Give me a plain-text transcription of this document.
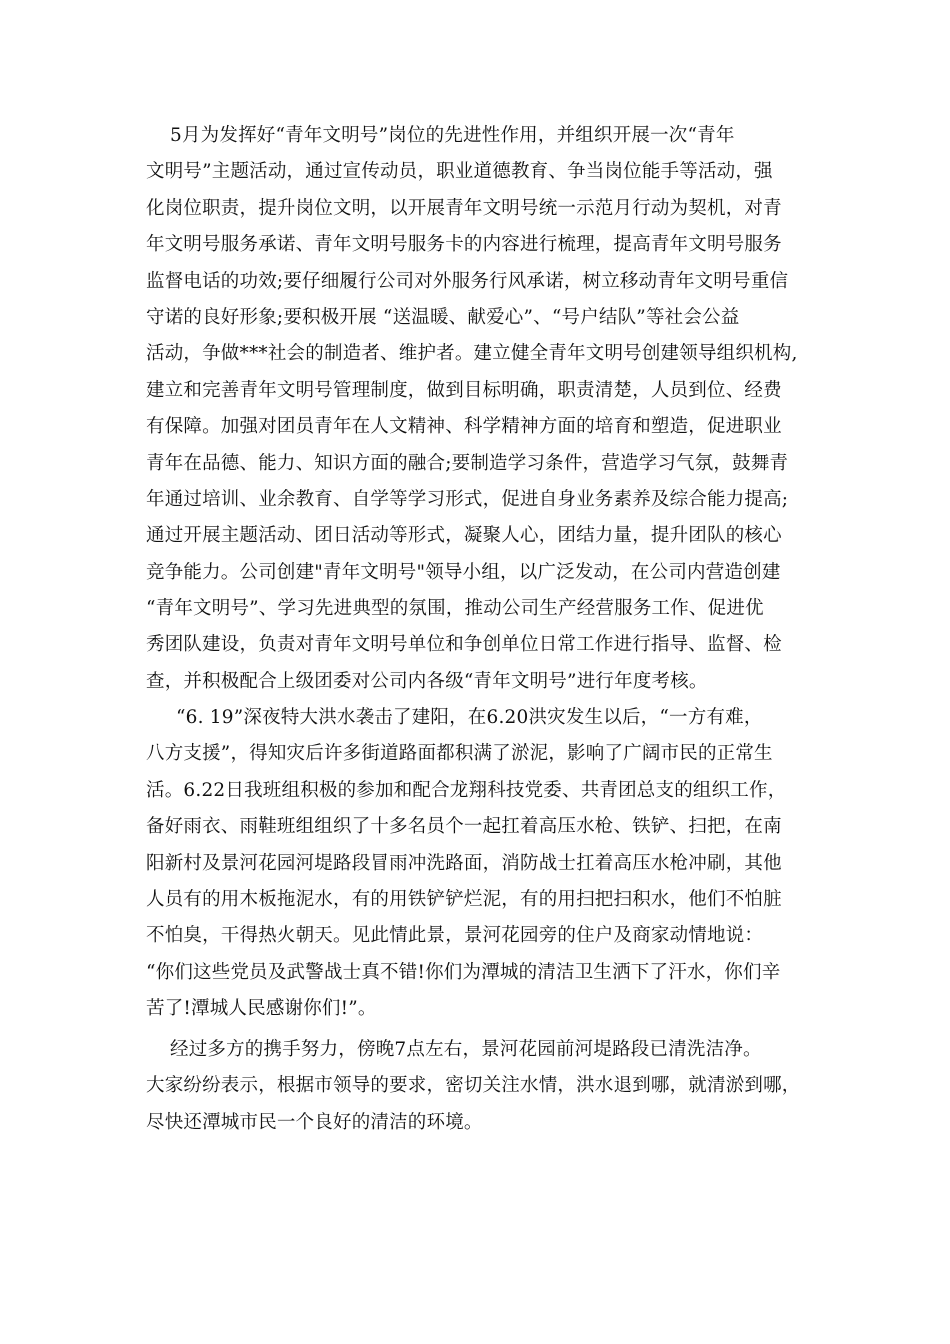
5月为发挥好“青年文明号”岗位的先进性作用，并组织开展一次“青年
文明号”主题活动，通过宣传动员，职业道德教育、争当岗位能手等活动，强
化岗位职责，提升岗位文明，以开展青年文明号统一示范月行动为契机，对青
年文明号服务承诺、青年文明号服务卡的内容进行梳理，提高青年文明号服务
监督电话的功效;要仔细履行公司对外服务行风承诺，树立移动青年文明号重信
守诺的良好形象;要积极开展 “送温暖、献爱心”、“号户结队”等社会公益
活动，争做***社会的制造者、维护者。建立健全青年文明号创建领导组织机构,
建立和完善青年文明号管理制度，做到目标明确，职责清楚，人员到位、经费
有保障。加强对团员青年在人文精神、科学精神方面的培育和塑造，促进职业
青年在品德、能力、知识方面的融合;要制造学习条件，营造学习气氛，鼓舞青
年通过培训、业余教育、自学等学习形式，促进自身业务素养及综合能力提高;
通过开展主题活动、团日活动等形式，凝聚人心，团结力量，提升团队的核心
竞争能力。公司创建"青年文明号"领导小组，以广泛发动，在公司内营造创建
“青年文明号”、学习先进典型的氛围，推动公司生产经营服务工作、促进优
秀团队建设，负责对青年文明号单位和争创单位日常工作进行指导、监督、检
查，并积极配合上级团委对公司内各级“青年文明号”进行年度考核。
“6. 19”深夜特大洪水袭击了建阳，在6.20洪灾发生以后，“一方有难，
八方支援”，得知灾后许多街道路面都积满了淤泥，影响了广阔市民的正常生
活。6.22日我班组积极的参加和配合龙翔科技党委、共青团总支的组织工作，
备好雨衣、雨鞋班组组织了十多名员个一起扛着高压水枪、铁铲、扫把，在南
阳新村及景河花园河堤路段冒雨冲洗路面，消防战士扛着高压水枪冲刷，其他
人员有的用木板拖泥水，有的用铁铲铲烂泥，有的用扫把扫积水，他们不怕脏
不怕臭，干得热火朝天。见此情此景，景河花园旁的住户及商家动情地说：
“你们这些党员及武警战士真不错!你们为潭城的清洁卫生洒下了汗水，你们辛
苦了!潭城人民感谢你们!”。
经过多方的携手努力，傍晚7点左右，景河花园前河堤路段已清洗洁净。
大家纷纷表示，根据市领导的要求，密切关注水情，洪水退到哪，就清淤到哪，
尽快还潭城市民一个良好的清洁的环境。
